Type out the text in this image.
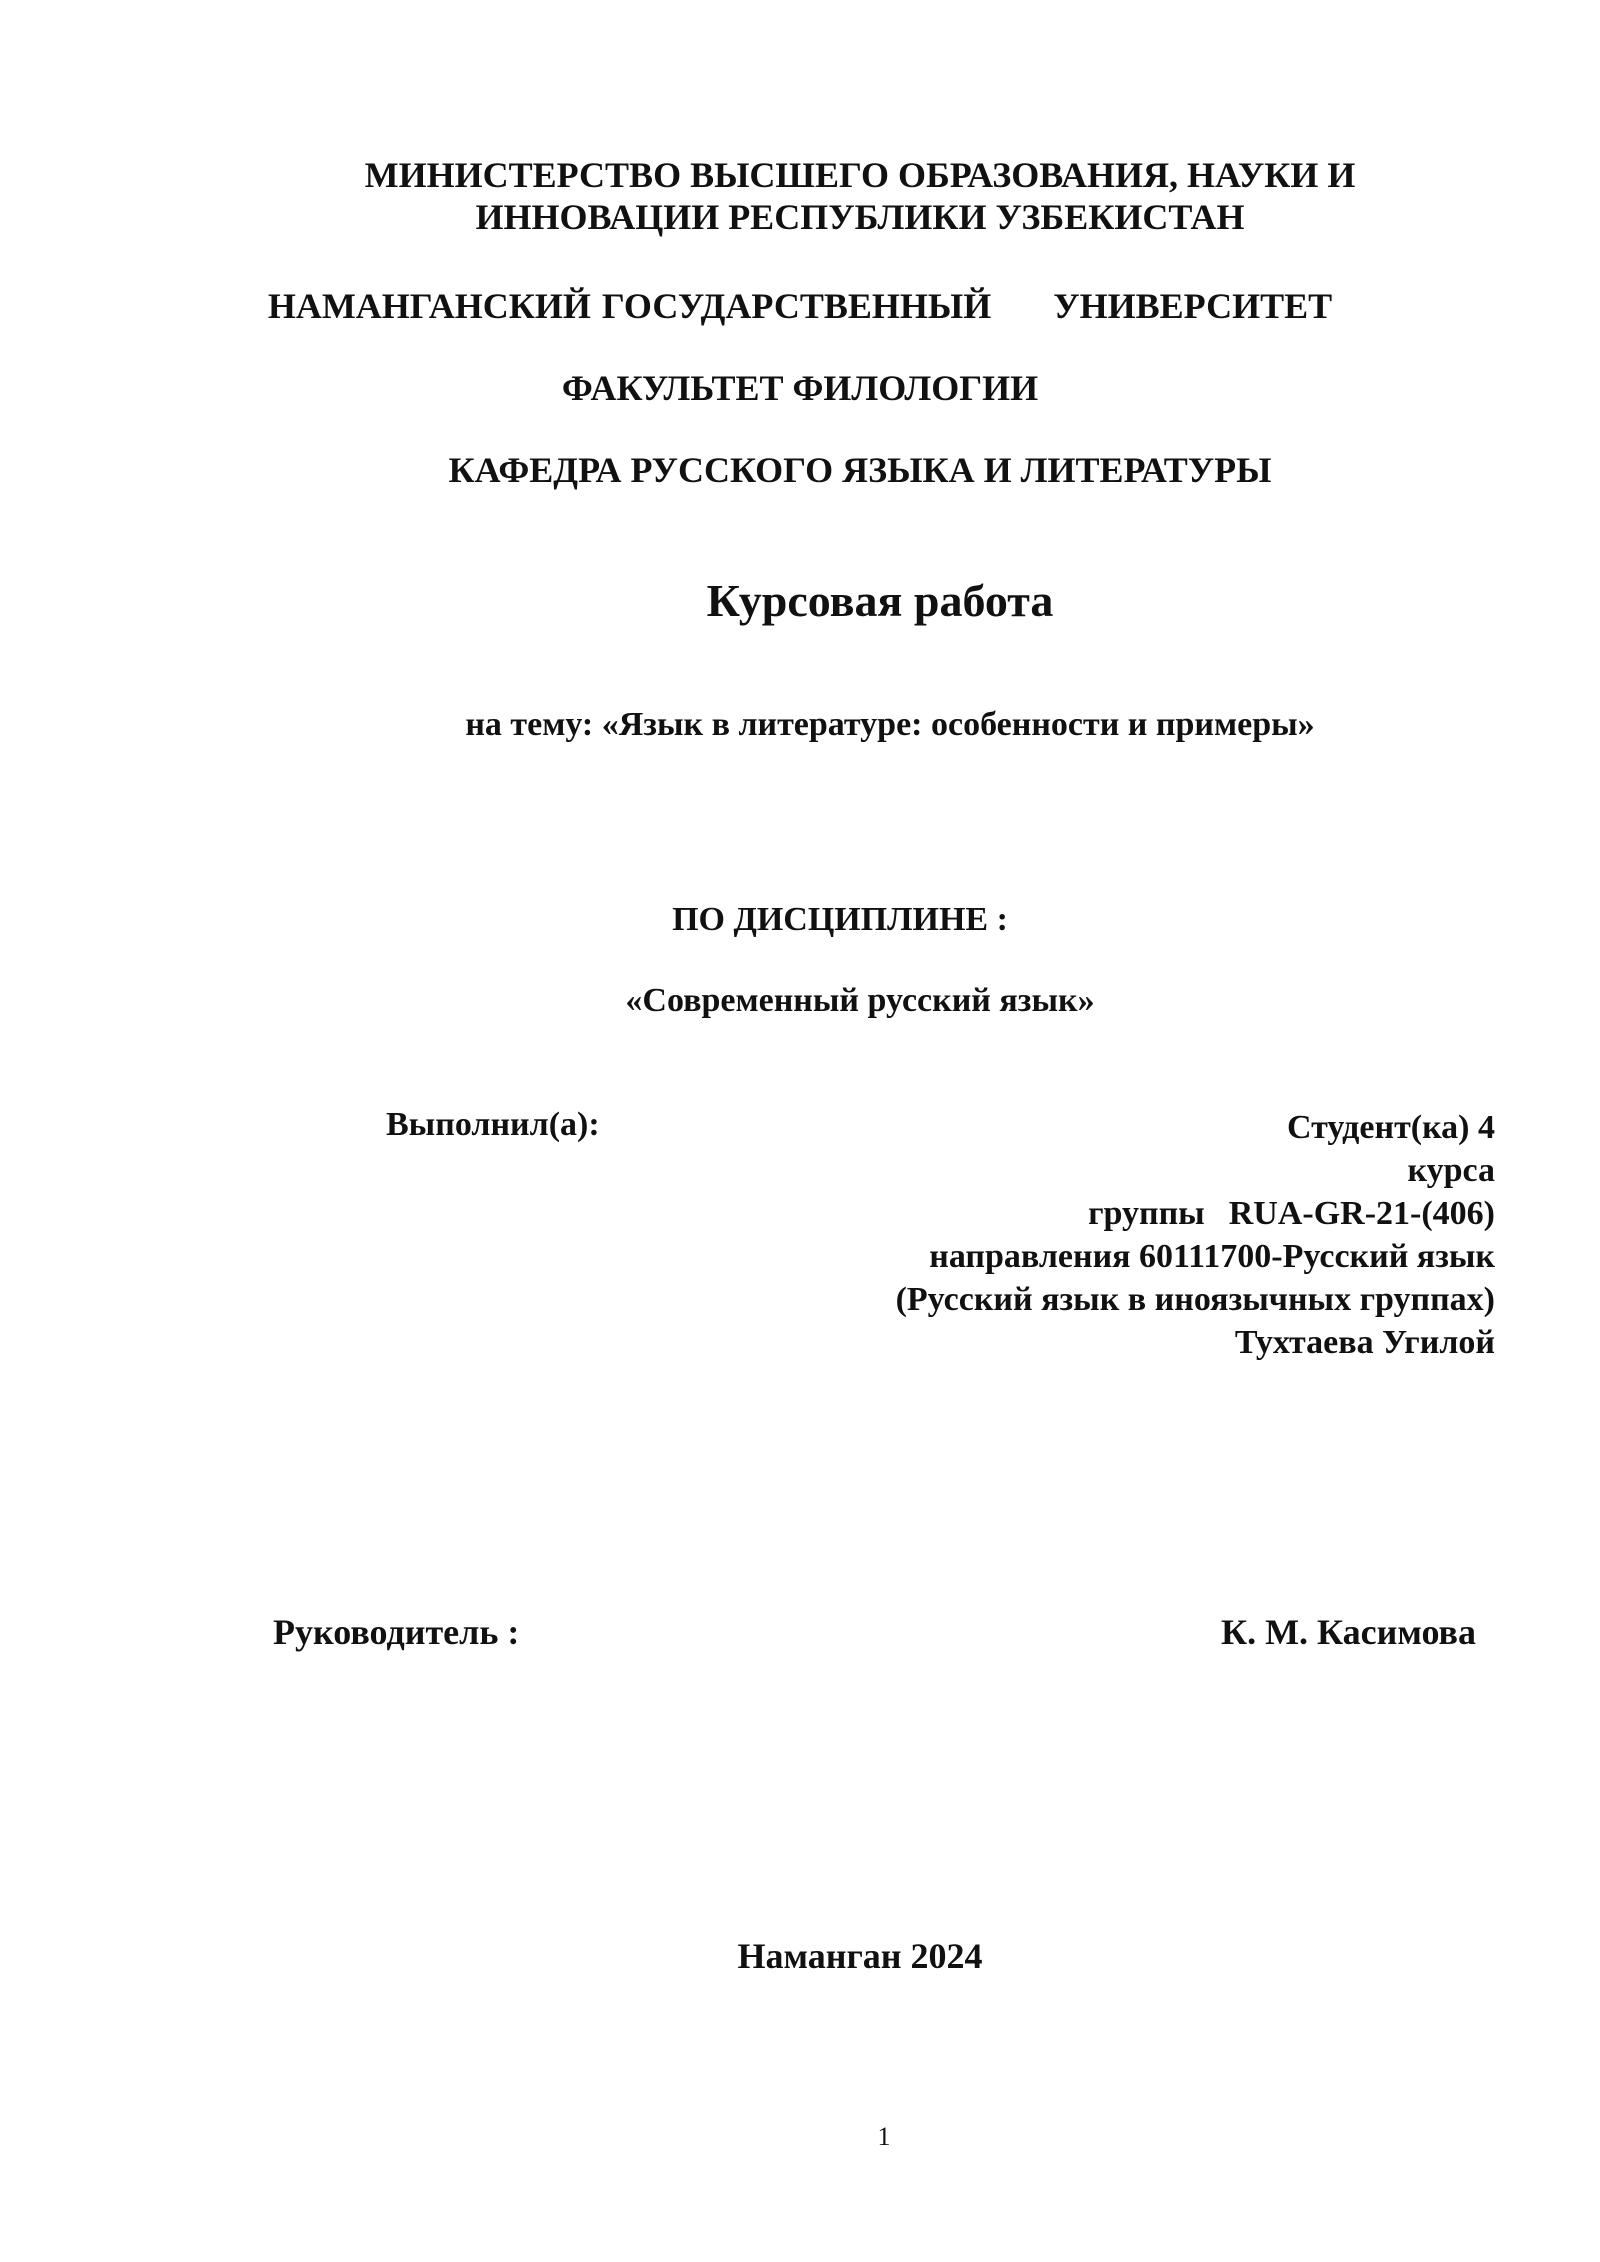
МИНИСТЕРСТВО ВЫСШЕГО ОБРАЗОВАНИЯ, НАУКИ И ИННОВАЦИИ РЕСПУБЛИКИ УЗБЕКИСТАН
НАМАНГАНСКИЙ ГОСУДАРСТВЕННЫЙ УНИВЕРСИТЕТ
ФАКУЛЬТЕТ ФИЛОЛОГИИ
КАФЕДРА РУССКОГО ЯЗЫКА И ЛИТЕРАТУРЫ
Курсовая работа
на тему: «Язык в литературе: особенности и примеры»
ПО ДИСЦИПЛИНЕ :
«Современный русский язык»
Выполнил(а):	Студент(ка) 4
курса
группы RUA-GR-21-(406)
направления 60111700-Русский язык
(Русский язык в иноязычных группах)
Тухтаева Угилой
Руководитель :	К. М. Касимова
Наманган 2024
1
